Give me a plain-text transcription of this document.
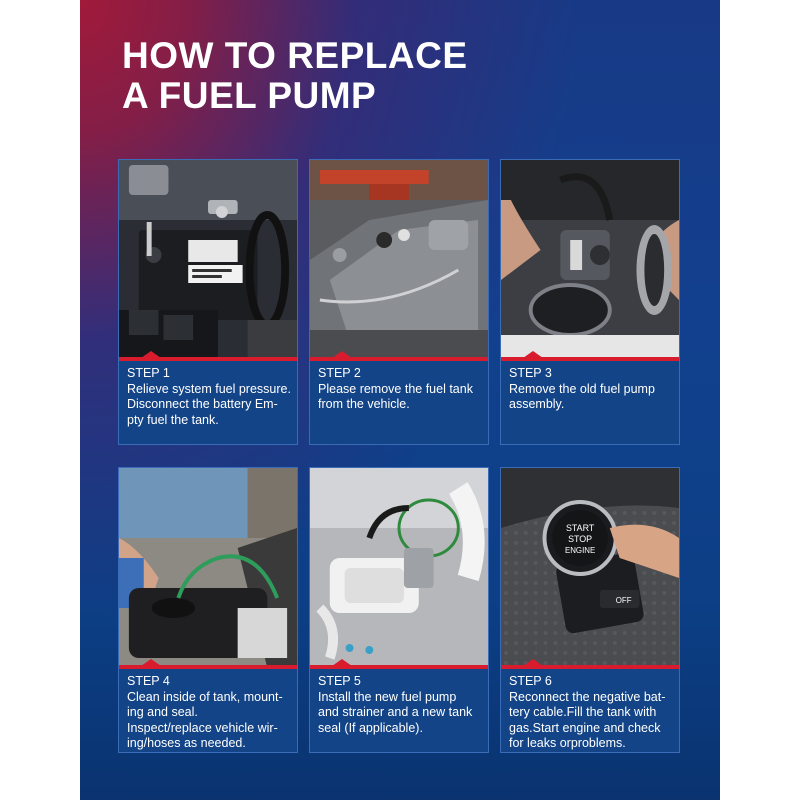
HOW TO REPLACE
A FUEL PUMP
STEP 1
Relieve system fuel pressure.
Disconnect the battery Em-
pty fuel the tank.
STEP 2
Please remove the fuel tank
from the vehicle.
STEP 3
Remove the old fuel pump
assembly.
STEP 4
Clean inside of tank, mount-
ing and seal.
Inspect/replace vehicle wir-
ing/hoses as needed.
STEP 5
Install the new fuel pump
and strainer and a new tank
seal (If applicable).
START
STOP
ENGINE
OFF
STEP 6
Reconnect the negative bat-
tery cable.Fill the tank with
gas.Start engine and check
for leaks orproblems.
